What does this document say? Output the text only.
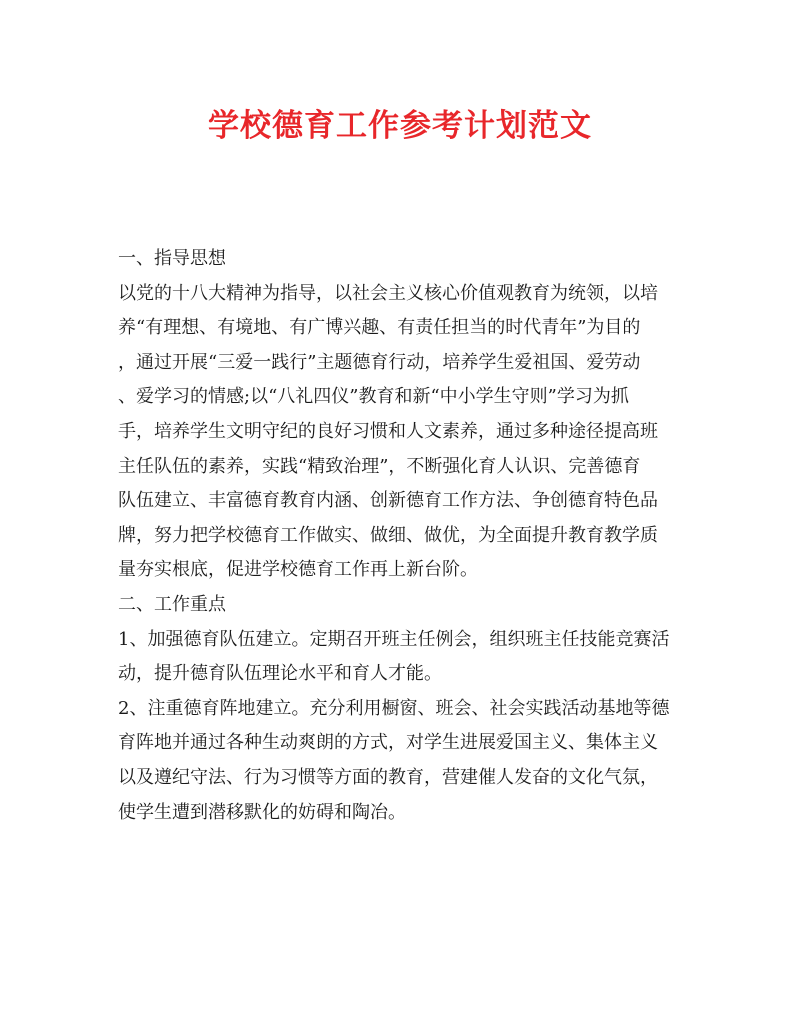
学校德育工作参考计划范文
一、指导思想
以党的十八大精神为指导，以社会主义核心价值观教育为统领，以培
养“有理想、有境地、有广博兴趣、有责任担当的时代青年”为目的
，通过开展“三爱一践行”主题德育行动，培养学生爱祖国、爱劳动
、爱学习的情感;以“八礼四仪”教育和新“中小学生守则”学习为抓
手，培养学生文明守纪的良好习惯和人文素养，通过多种途径提高班
主任队伍的素养，实践“精致治理”，不断强化育人认识、完善德育
队伍建立、丰富德育教育内涵、创新德育工作方法、争创德育特色品
牌，努力把学校德育工作做实、做细、做优，为全面提升教育教学质
量夯实根底，促进学校德育工作再上新台阶。
二、工作重点
1、加强德育队伍建立。定期召开班主任例会，组织班主任技能竞赛活
动，提升德育队伍理论水平和育人才能。
2、注重德育阵地建立。充分利用橱窗、班会、社会实践活动基地等德
育阵地并通过各种生动爽朗的方式，对学生进展爱国主义、集体主义
以及遵纪守法、行为习惯等方面的教育，营建催人发奋的文化气氛，
使学生遭到潜移默化的妨碍和陶冶。
